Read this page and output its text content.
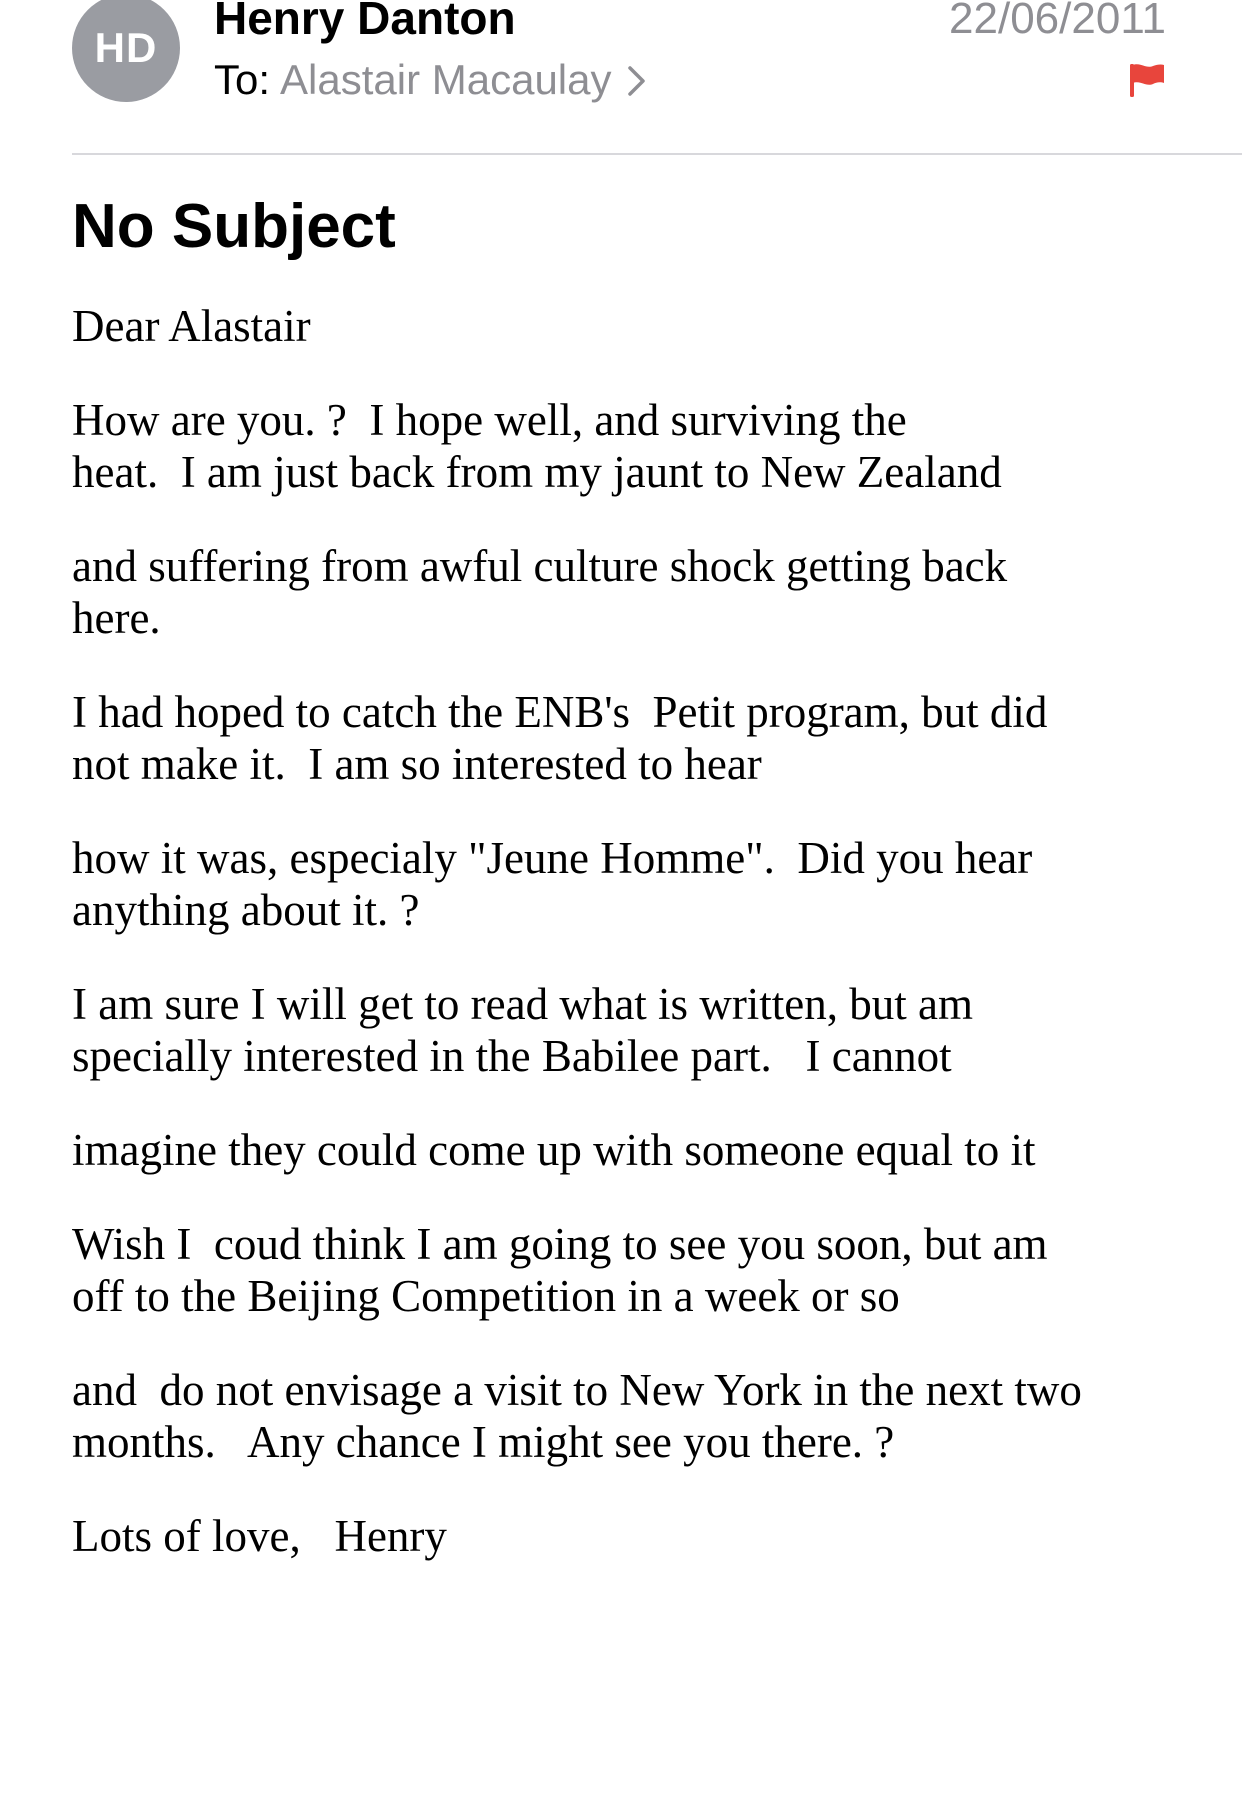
HD
Henry Danton
To: Alastair Macaulay
22/06/2011
No Subject
Dear Alastair
How are you. ?  I hope well, and surviving the
heat.  I am just back from my jaunt to New Zealand
and suffering from awful culture shock getting back
here.
I had hoped to catch the ENB's  Petit program, but did
not make it.  I am so interested to hear
how it was, especialy "Jeune Homme".  Did you hear
anything about it. ?
I am sure I will get to read what is written, but am
specially interested in the Babilee part.   I cannot
imagine they could come up with someone equal to it
Wish I  coud think I am going to see you soon, but am
off to the Beijing Competition in a week or so
and  do not envisage a visit to New York in the next two
months.   Any chance I might see you there. ?
Lots of love,   Henry
